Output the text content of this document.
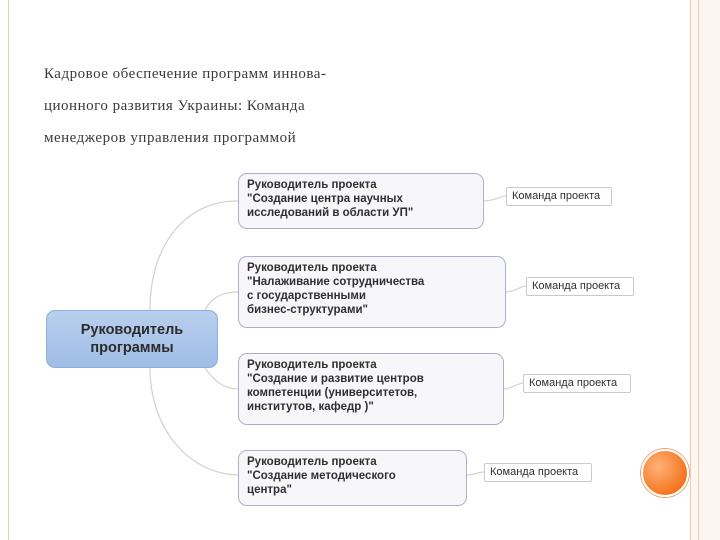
Кадровое обеспечение программ иннова-
ционного развития Украины: Команда
менеджеров управления программой
Руководитель
программы
Руководитель проекта
"Создание центра научных
исследований в области УП"
Команда проекта
Руководитель проекта
"Налаживание сотрудничества
с государственными
бизнес-структурами"
Команда проекта
Руководитель проекта
"Создание и развитие центров
компетенции (университетов,
институтов, кафедр )"
Команда проекта
Руководитель проекта
"Создание методического
центра"
Команда проекта
